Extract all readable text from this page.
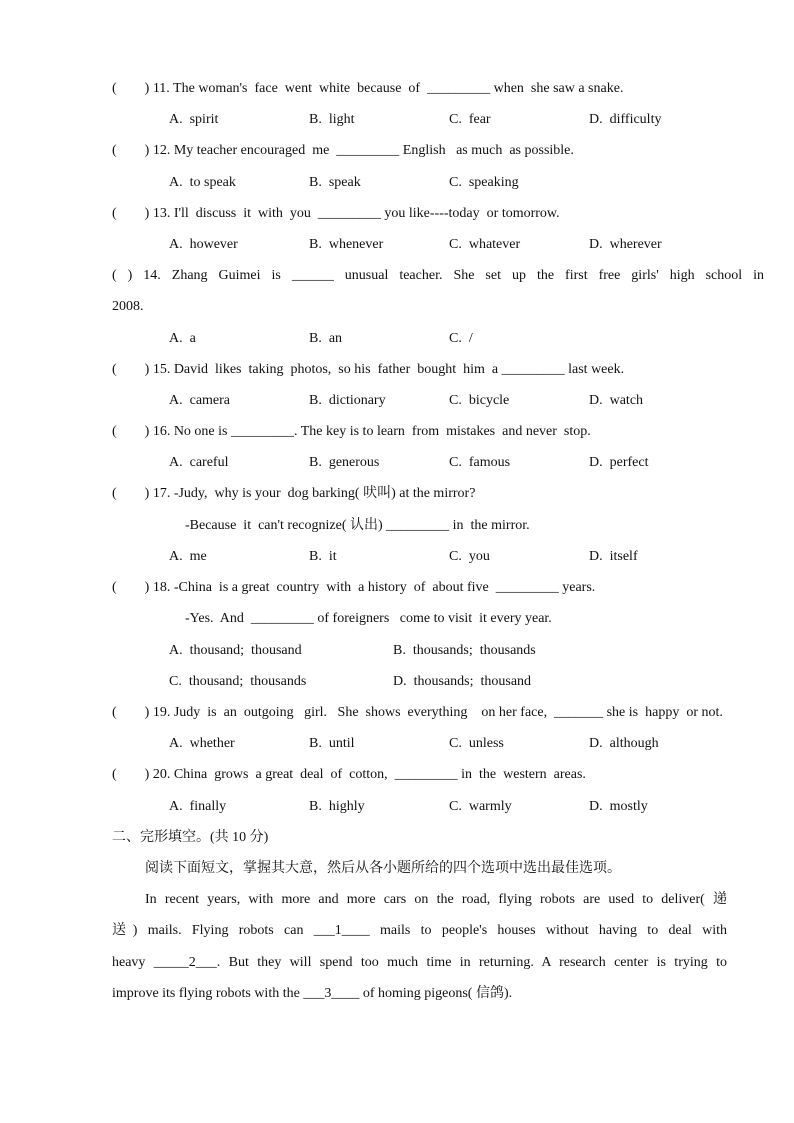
(        ) 11. The woman's  face  went  white  because  of  _________ when  she saw a snake.
A.  spirit	B.  light	C.  fear	D.  difficulty
(        ) 12. My teacher encouraged  me  _________ English   as much  as possible.
A.  to speak	B.  speak	C.  speaking
(        ) 13. I'll  discuss  it  with  you  _________ you like----today  or tomorrow.
A.  however	B.  whenever	C.  whatever	D.  wherever
( ) 14. Zhang Guimei is ______ unusual teacher. She set up the first free girls' high school in
2008.
A.  a	B.  an	C.  /
(        ) 15. David  likes  taking  photos,  so his  father  bought  him  a _________ last week.
A.  camera	B.  dictionary	C.  bicycle	D.  watch
(        ) 16. No one is _________. The key is to learn  from  mistakes  and never  stop.
A.  careful	B.  generous	C.  famous	D.  perfect
(        ) 17. -Judy,  why is your  dog barking( 吠叫) at the mirror?
-Because  it  can't recognize( 认出) _________ in  the mirror.
A.  me	B.  it	C.  you	D.  itself
(        ) 18. -China  is a great  country  with  a history  of  about five  _________ years.
-Yes.  And  _________ of foreigners   come to visit  it every year.
A.  thousand;  thousand	B.  thousands;  thousands
C.  thousand;  thousands	D.  thousands;  thousand
(        ) 19. Judy  is  an  outgoing   girl.   She  shows  everything    on her face,  _______ she is  happy  or not.
A.  whether	B.  until	C.  unless	D.  although
(        ) 20. China  grows  a great  deal  of  cotton,  _________ in  the  western  areas.
A.  finally	B.  highly	C.  warmly	D.  mostly
二、完形填空。(共 10 分)
阅读下面短文，掌握其大意，然后从各小题所给的四个选项中选出最佳选项。
In recent years, with more and more cars on the road, flying robots are used to deliver( 递
送) mails. Flying robots can ___1____ mails to people's houses without having to deal with
heavy _____2___. But they will spend too much time in returning. A research center is trying to
improve its flying robots with the ___3____ of homing pigeons( 信鸽).
